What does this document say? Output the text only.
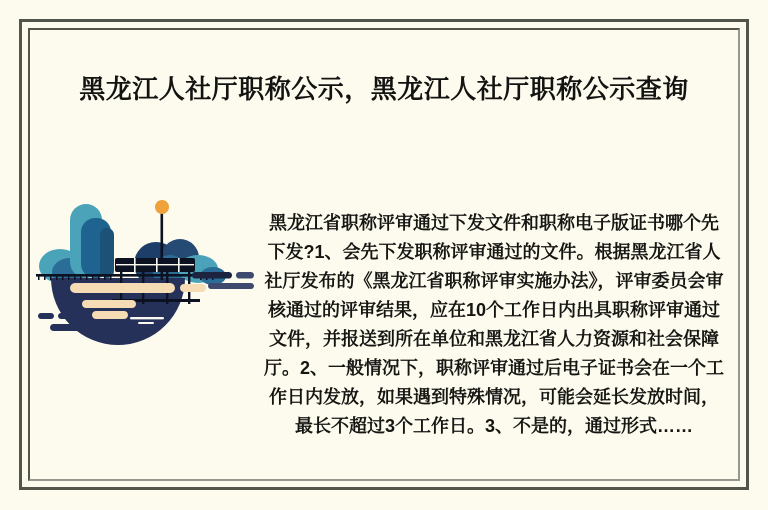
黑龙江人社厅职称公示，黑龙江人社厅职称公示查询

黑龙江省职称评审通过下发文件和职称电子版证书哪个先下发?1、会先下发职称评审通过的文件。根据黑龙江省人社厅发布的《黑龙江省职称评审实施办法》，评审委员会审核通过的评审结果，应在10个工作日内出具职称评审通过文件，并报送到所在单位和黑龙江省人力资源和社会保障厅。2、一般情况下，职称评审通过后电子证书会在一个工作日内发放，如果遇到特殊情况，可能会延长发放时间，最长不超过3个工作日。3、不是的，通过形式……
